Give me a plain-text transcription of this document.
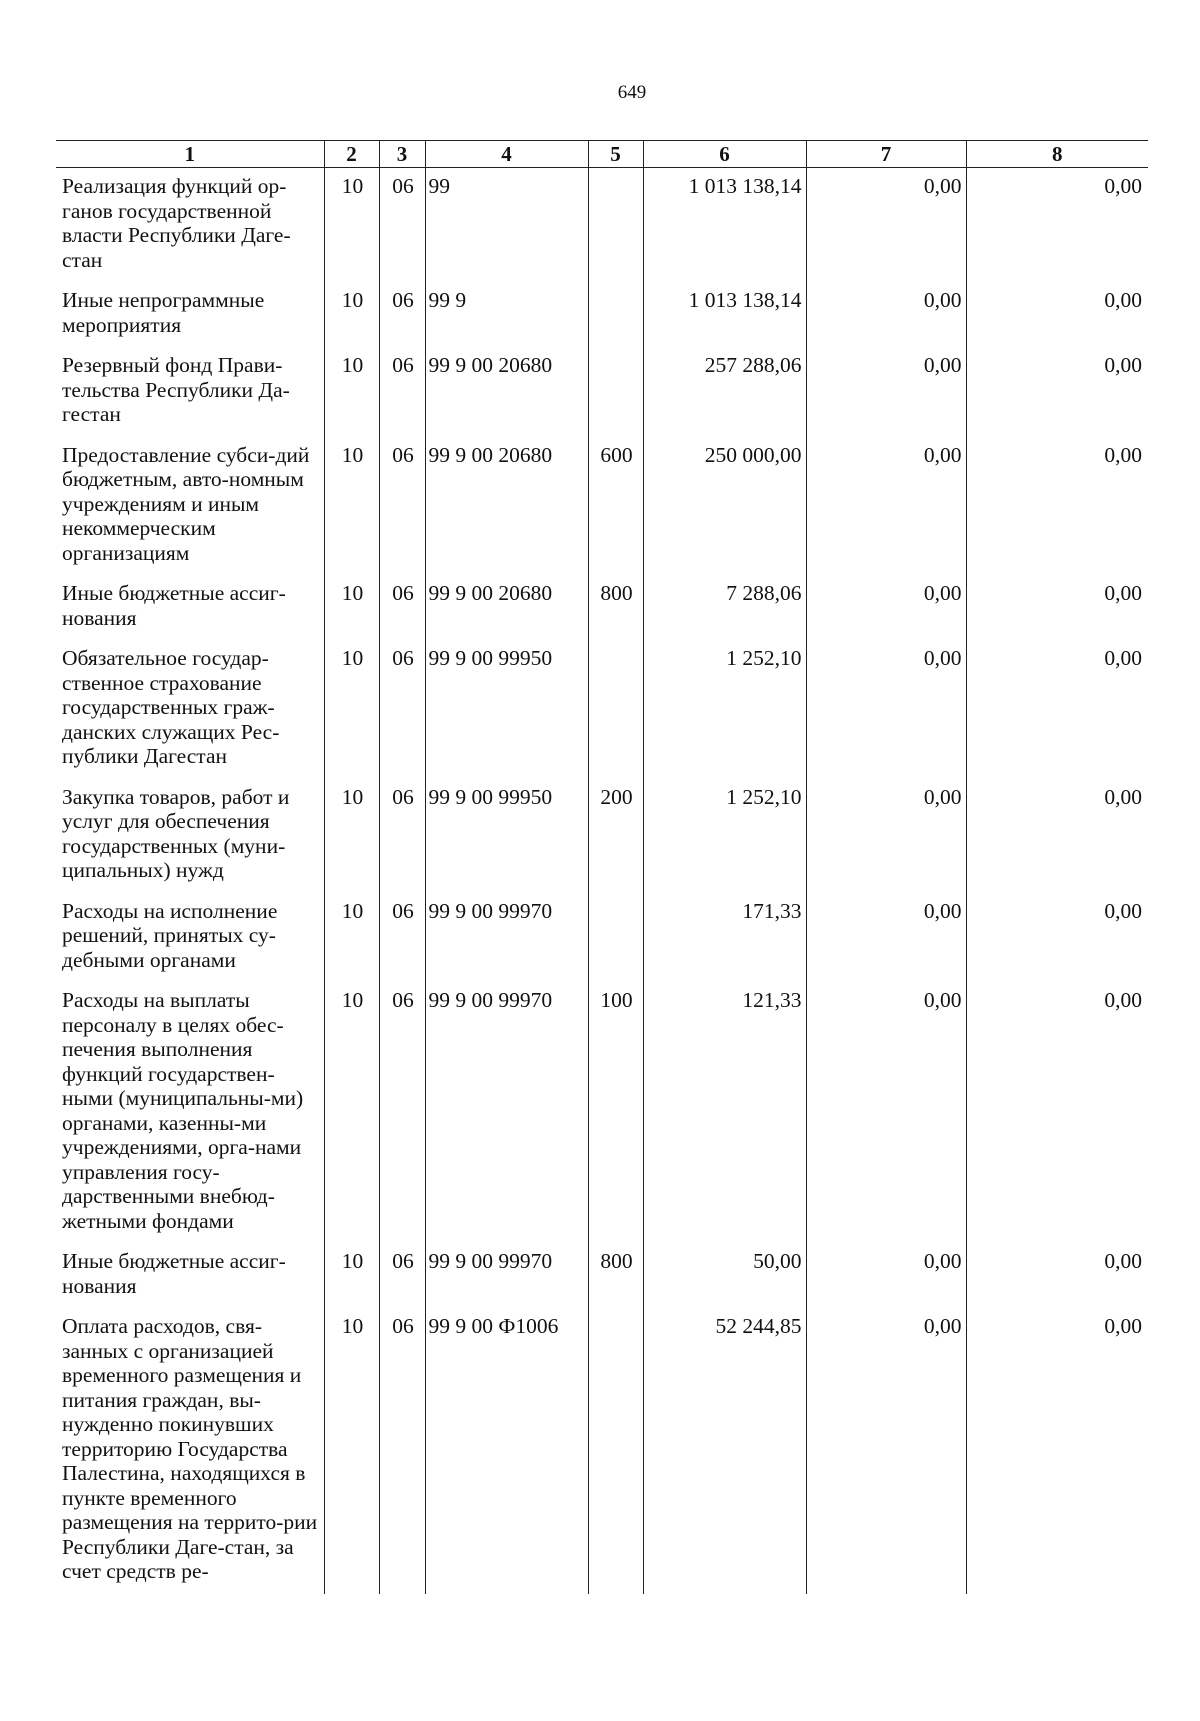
649
1	2	3	4	5	6	7	8
Реализация функций ор-ганов государственной власти Республики Даге-стан	10	06	99		1 013 138,14	0,00	0,00
Иные непрограммные мероприятия	10	06	99 9		1 013 138,14	0,00	0,00
Резервный фонд Прави-тельства Республики Да-гестан	10	06	99 9 00 20680		257 288,06	0,00	0,00
Предоставление субси-дий бюджетным, авто-номным учреждениям и иным некоммерческим организациям	10	06	99 9 00 20680	600	250 000,00	0,00	0,00
Иные бюджетные ассиг-нования	10	06	99 9 00 20680	800	7 288,06	0,00	0,00
Обязательное государ-ственное страхование государственных граж-данских служащих Рес-публики Дагестан	10	06	99 9 00 99950		1 252,10	0,00	0,00
Закупка товаров, работ и услуг для обеспечения государственных (муни-ципальных) нужд	10	06	99 9 00 99950	200	1 252,10	0,00	0,00
Расходы на исполнение решений, принятых су-дебными органами	10	06	99 9 00 99970		171,33	0,00	0,00
Расходы на выплаты персоналу в целях обес-печения выполнения функций государствен-ными (муниципальны-ми) органами, казенны-ми учреждениями, орга-нами управления госу-дарственными внебюд-жетными фондами	10	06	99 9 00 99970	100	121,33	0,00	0,00
Иные бюджетные ассиг-нования	10	06	99 9 00 99970	800	50,00	0,00	0,00
Оплата расходов, свя-занных с организацией временного размещения и питания граждан, вы-нужденно покинувших территорию Государства Палестина, находящихся в пункте временного размещения на террито-рии Республики Даге-стан, за счет средств ре-	10	06	99 9 00 Ф1006		52 244,85	0,00	0,00
